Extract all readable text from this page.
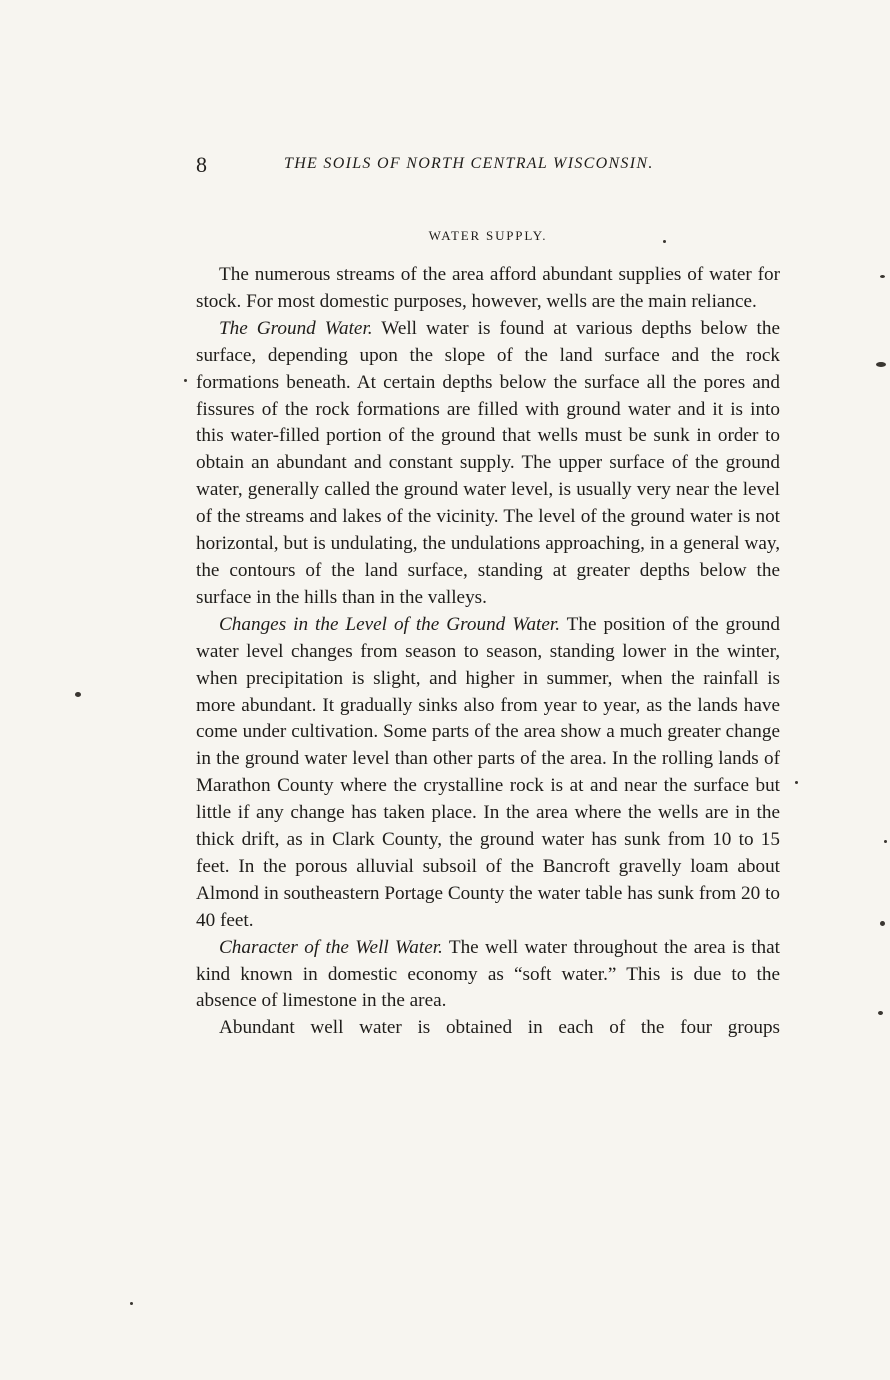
8	THE SOILS OF NORTH CENTRAL WISCONSIN.
WATER SUPPLY.

The numerous streams of the area afford abundant supplies of water for stock. For most domestic purposes, however, wells are the main reliance.

The Ground Water. Well water is found at various depths below the surface, depending upon the slope of the land surface and the rock formations beneath. At certain depths below the surface all the pores and fissures of the rock formations are filled with ground water and it is into this water-filled portion of the ground that wells must be sunk in order to obtain an abundant and constant supply. The upper surface of the ground water, generally called the ground water level, is usually very near the level of the streams and lakes of the vicinity. The level of the ground water is not horizontal, but is undulating, the undulations approaching, in a general way, the contours of the land surface, standing at greater depths below the surface in the hills than in the valleys.

Changes in the Level of the Ground Water. The position of the ground water level changes from season to season, standing lower in the winter, when precipitation is slight, and higher in summer, when the rainfall is more abundant. It gradually sinks also from year to year, as the lands have come under cultivation. Some parts of the area show a much greater change in the ground water level than other parts of the area. In the rolling lands of Marathon County where the crystalline rock is at and near the surface but little if any change has taken place. In the area where the wells are in the thick drift, as in Clark County, the ground water has sunk from 10 to 15 feet. In the porous alluvial subsoil of the Bancroft gravelly loam about Almond in southeastern Portage County the water table has sunk from 20 to 40 feet.

Character of the Well Water. The well water throughout the area is that kind known in domestic economy as “soft water.” This is due to the absence of limestone in the area.

Abundant well water is obtained in each of the four groups
